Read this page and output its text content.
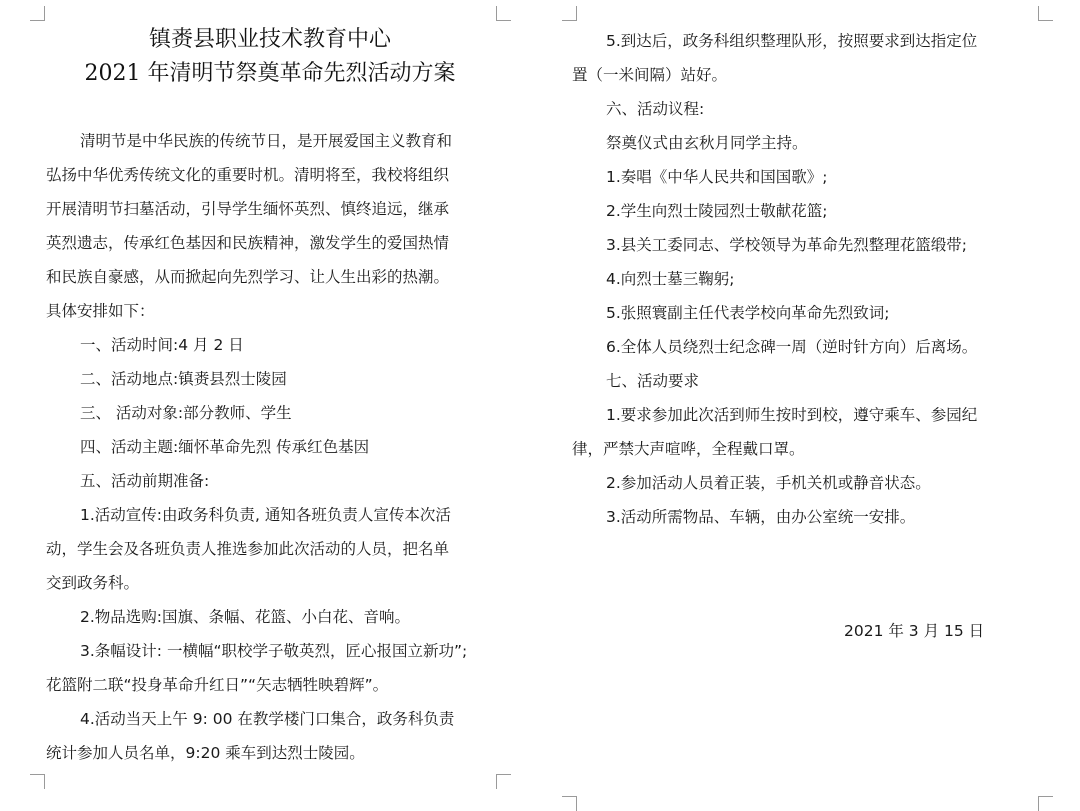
镇赉县职业技术教育中心
2021 年清明节祭奠革命先烈活动方案
清明节是中华民族的传统节日，是开展爱国主义教育和
弘扬中华优秀传统文化的重要时机。清明将至，我校将组织
开展清明节扫墓活动，引导学生缅怀英烈、慎终追远，继承
英烈遗志，传承红色基因和民族精神，激发学生的爱国热情
和民族自豪感，从而掀起向先烈学习、让人生出彩的热潮。
具体安排如下：
一、活动时间:4 月 2 日
二、活动地点:镇赉县烈士陵园
三、 活动对象:部分教师、学生
四、活动主题:缅怀革命先烈 传承红色基因
五、活动前期准备:
1.活动宣传:由政务科负责, 通知各班负责人宣传本次活
动，学生会及各班负责人推选参加此次活动的人员，把名单
交到政务科。
2.物品选购:国旗、条幅、花篮、小白花、音响。
3.条幅设计: 一横幅“职校学子敬英烈，匠心报国立新功”;
花篮附二联“投身革命升红日”“矢志牺牲映碧辉”。
4.活动当天上午 9: 00 在教学楼门口集合，政务科负责
统计参加人员名单，9:20 乘车到达烈士陵园。
5.到达后，政务科组织整理队形，按照要求到达指定位
置（一米间隔）站好。
六、活动议程:
祭奠仪式由玄秋月同学主持。
1.奏唱《中华人民共和国国歌》;
2.学生向烈士陵园烈士敬献花篮;
3.县关工委同志、学校领导为革命先烈整理花篮缎带;
4.向烈士墓三鞠躬;
5.张照寰副主任代表学校向革命先烈致词;
6.全体人员绕烈士纪念碑一周（逆时针方向）后离场。
七、活动要求
1.要求参加此次活到师生按时到校，遵守乘车、参园纪
律，严禁大声喧哗，全程戴口罩。
2.参加活动人员着正装，手机关机或静音状态。
3.活动所需物品、车辆，由办公室统一安排。
2021 年 3 月 15 日
